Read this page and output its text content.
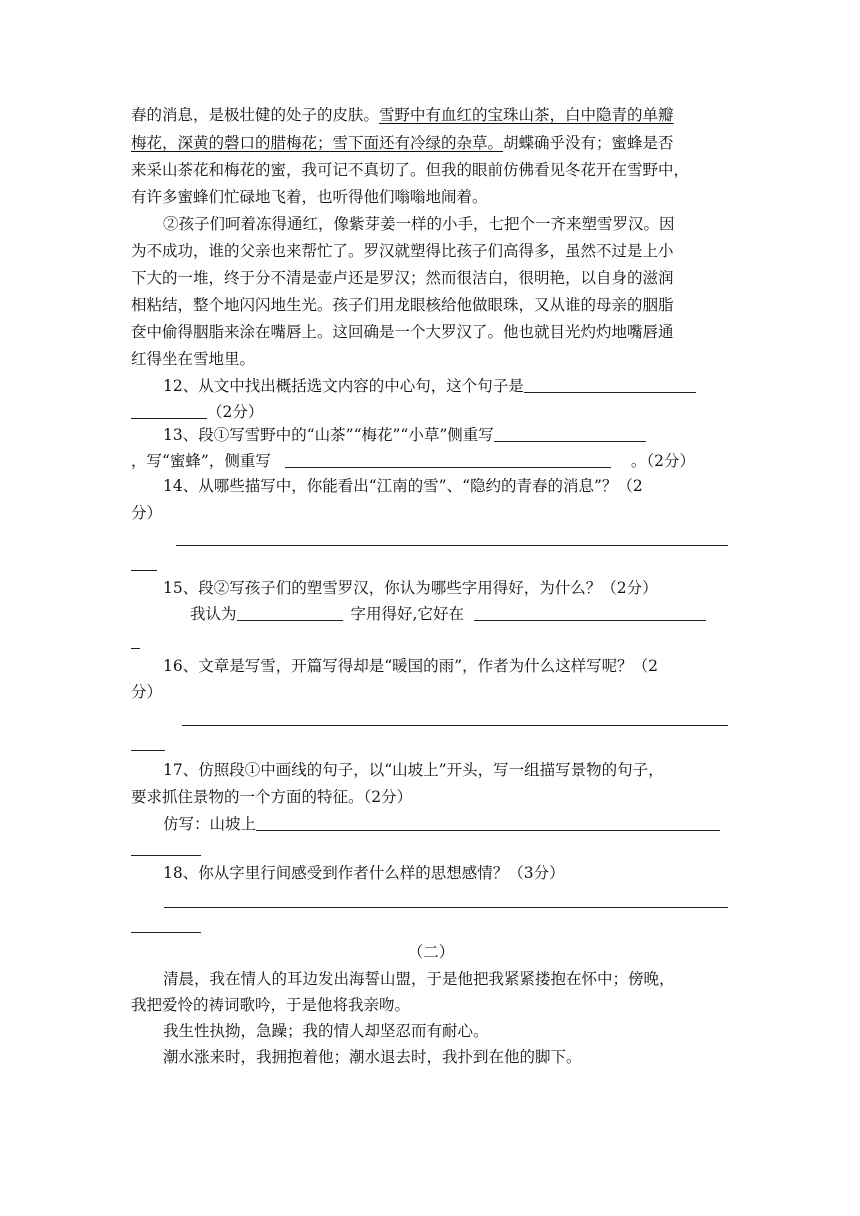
春的消息，是极壮健的处子的皮肤。雪野中有血红的宝珠山茶，白中隐青的单瓣
梅花，深黄的磬口的腊梅花；雪下面还有冷绿的杂草。胡蝶确乎没有；蜜蜂是否
来采山茶花和梅花的蜜，我可记不真切了。但我的眼前仿佛看见冬花开在雪野中，
有许多蜜蜂们忙碌地飞着，也听得他们嗡嗡地闹着。
②孩子们呵着冻得通红，像紫芽姜一样的小手，七把个一齐来塑雪罗汉。因
为不成功，谁的父亲也来帮忙了。罗汉就塑得比孩子们高得多，虽然不过是上小
下大的一堆，终于分不清是壶卢还是罗汉；然而很洁白，很明艳，以自身的滋润
相粘结，整个地闪闪地生光。孩子们用龙眼核给他做眼珠，又从谁的母亲的胭脂
奁中偷得胭脂来涂在嘴唇上。这回确是一个大罗汉了。他也就目光灼灼地嘴唇通
红得坐在雪地里。
12、从文中找出概括选文内容的中心句，这个句子是
（2分）
13、段①写雪野中的“山茶”“梅花”“小草”侧重写
，写“蜜蜂”，侧重写	。（2分）
14、从哪些描写中，你能看出“江南的雪”、“隐约的青春的消息”？（2
分）
15、段②写孩子们的塑雪罗汉，你认为哪些字用得好，为什么？（2分）
我认为	字用得好,它好在
16、文章是写雪，开篇写得却是“暖国的雨”，作者为什么这样写呢？（2
分）
17、仿照段①中画线的句子，以“山坡上”开头，写一组描写景物的句子，
要求抓住景物的一个方面的特征。（2分）
仿写：山坡上
18、你从字里行间感受到作者什么样的思想感情？（3分）
（二）
清晨，我在情人的耳边发出海誓山盟，于是他把我紧紧搂抱在怀中；傍晚，
我把爱怜的祷词歌吟，于是他将我亲吻。
我生性执拗，急躁；我的情人却坚忍而有耐心。
潮水涨来时，我拥抱着他；潮水退去时，我扑到在他的脚下。
